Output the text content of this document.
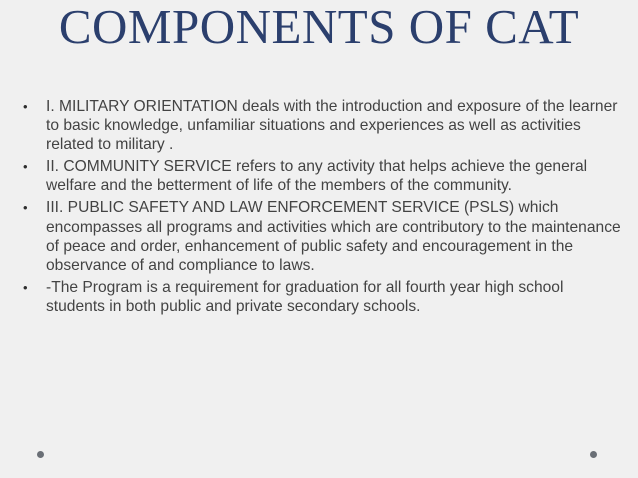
COMPONENTS OF CAT
• I. MILITARY ORIENTATION deals with the introduction and exposure of the learner to basic knowledge, unfamiliar situations and experiences as well as activities related to military .
• II. COMMUNITY SERVICE refers to any activity that helps achieve the general welfare and the betterment of life of the members of the community.
• III. PUBLIC SAFETY AND LAW ENFORCEMENT SERVICE (PSLS) which encompasses all programs and activities which are contributory to the maintenance of peace and order, enhancement of public safety and encouragement in the observance of and compliance to laws.
• -The Program is a requirement for graduation for all fourth year high school students in both public and private secondary schools.
